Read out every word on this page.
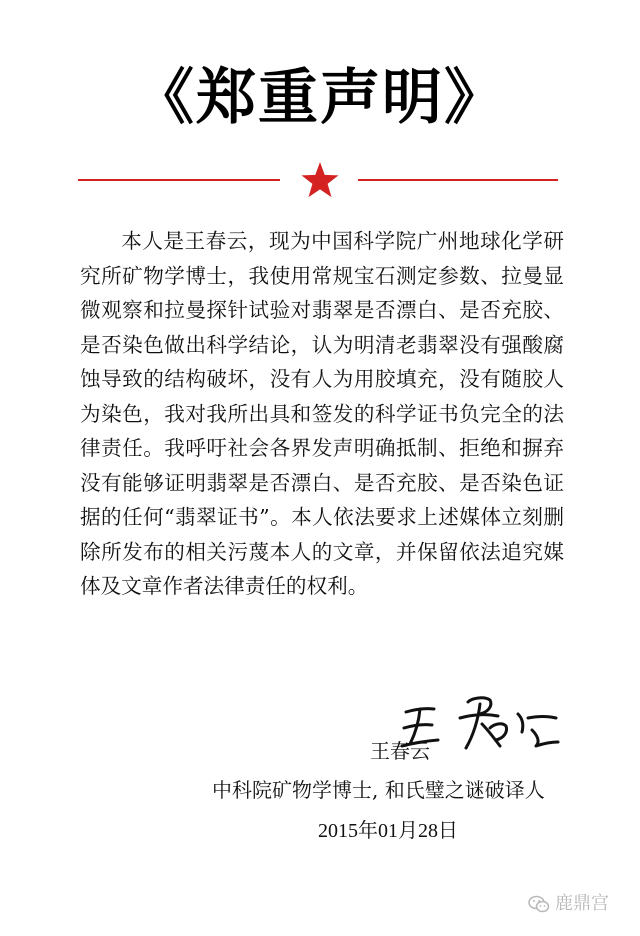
《郑重声明》

本人是王春云，现为中国科学院广州地球化学研究所矿物学博士，我使用常规宝石测定参数、拉曼显微观察和拉曼探针试验对翡翠是否漂白、是否充胶、是否染色做出科学结论，认为明清老翡翠没有强酸腐蚀导致的结构破坏，没有人为用胶填充，没有随胶人为染色，我对我所出具和签发的科学证书负完全的法律责任。我呼吁社会各界发声明确抵制、拒绝和摒弃没有能够证明翡翠是否漂白、是否充胶、是否染色证据的任何“翡翠证书”。本人依法要求上述媒体立刻删除所发布的相关污蔑本人的文章，并保留依法追究媒体及文章作者法律责任的权利。

王春云
中科院矿物学博士, 和氏璧之谜破译人
2015年01月28日
鹿鼎宫
